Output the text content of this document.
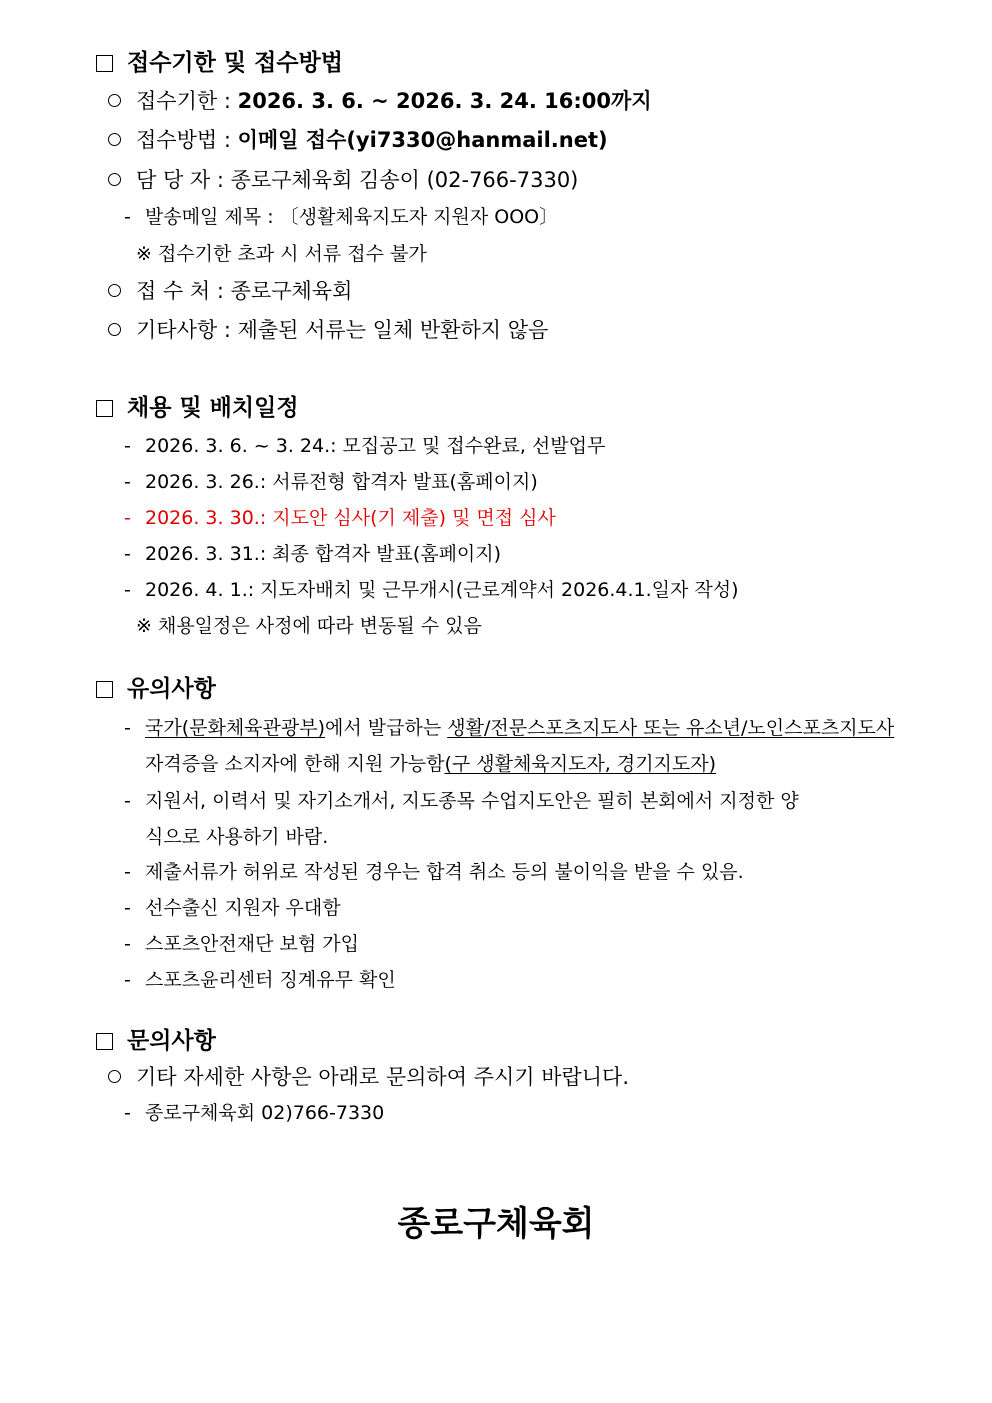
접수기한 및 접수방법
접수기한 : 2026. 3. 6. ~ 2026. 3. 24. 16:00까지
접수방법 : 이메일 접수(yi7330@hanmail.net)
담 당 자 : 종로구체육회 김송이 (02-766-7330)
- 발송메일 제목 : 〔생활체육지도자 지원자 OOO〕
※ 접수기한 초과 시 서류 접수 불가
접 수 처 : 종로구체육회
기타사항 : 제출된 서류는 일체 반환하지 않음
채용 및 배치일정
- 2026. 3. 6. ~ 3. 24.: 모집공고 및 접수완료, 선발업무
- 2026. 3. 26.: 서류전형 합격자 발표(홈페이지)
- 2026. 3. 30.: 지도안 심사(기 제출) 및 면접 심사
- 2026. 3. 31.: 최종 합격자 발표(홈페이지)
- 2026. 4. 1.: 지도자배치 및 근무개시(근로계약서 2026.4.1.일자 작성)
※ 채용일정은 사정에 따라 변동될 수 있음
유의사항
- 국가(문화체육관광부)에서 발급하는 생활/전문스포츠지도사 또는 유소년/노인스포츠지도사
자격증을 소지자에 한해 지원 가능함(구 생활체육지도자, 경기지도자)
- 지원서, 이력서 및 자기소개서, 지도종목 수업지도안은 필히 본회에서 지정한 양
식으로 사용하기 바람.
- 제출서류가 허위로 작성된 경우는 합격 취소 등의 불이익을 받을 수 있음.
- 선수출신 지원자 우대함
- 스포츠안전재단 보험 가입
- 스포츠윤리센터 징계유무 확인
문의사항
기타 자세한 사항은 아래로 문의하여 주시기 바랍니다.
- 종로구체육회 02)766-7330
종로구체육회
